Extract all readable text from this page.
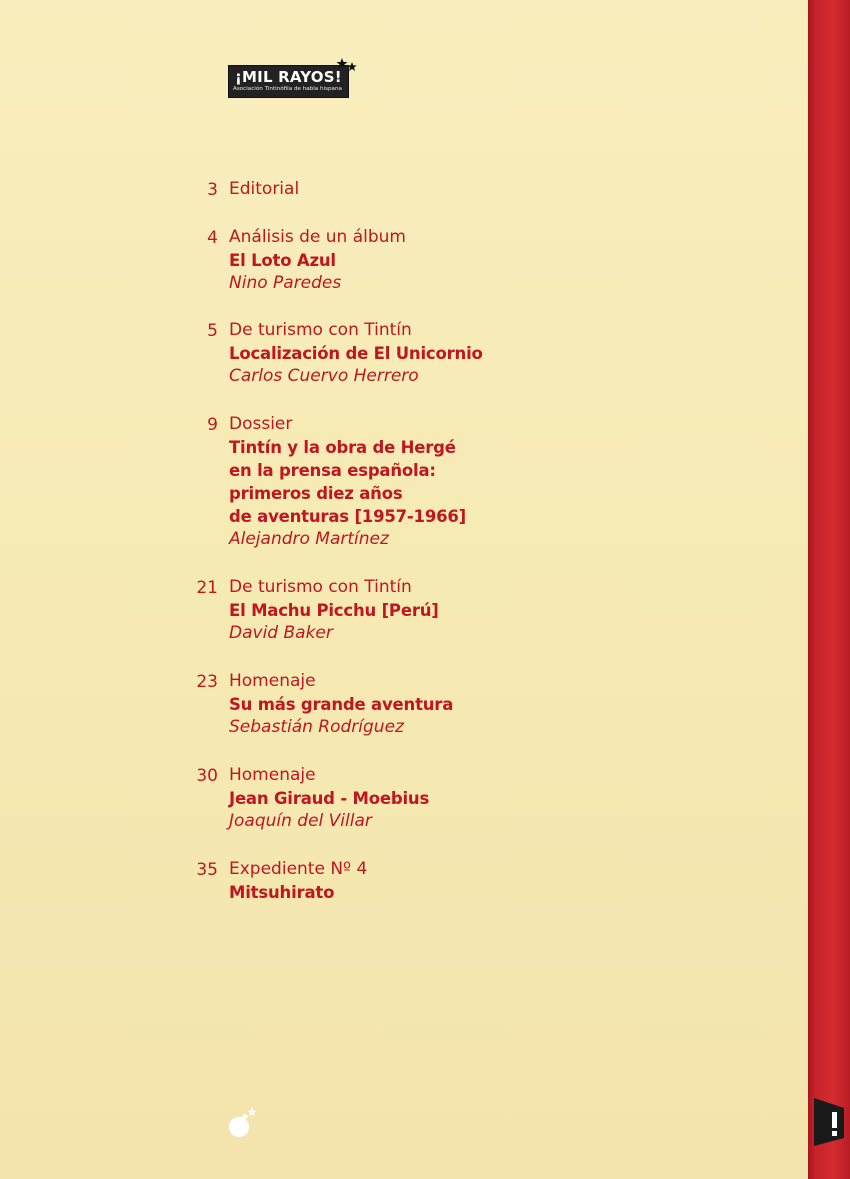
¡MIL RAYOS!
Asociación Tintinófila de habla hispana
3 Editorial
4 Análisis de un álbum
El Loto Azul
Nino Paredes
5 De turismo con Tintín
Localización de El Unicornio
Carlos Cuervo Herrero
9 Dossier
Tintín y la obra de Hergé
en la prensa española:
primeros diez años
de aventuras [1957-1966]
Alejandro Martínez
21 De turismo con Tintín
El Machu Picchu [Perú]
David Baker
23 Homenaje
Su más grande aventura
Sebastián Rodríguez
30 Homenaje
Jean Giraud - Moebius
Joaquín del Villar
35 Expediente Nº 4
Mitsuhirato
